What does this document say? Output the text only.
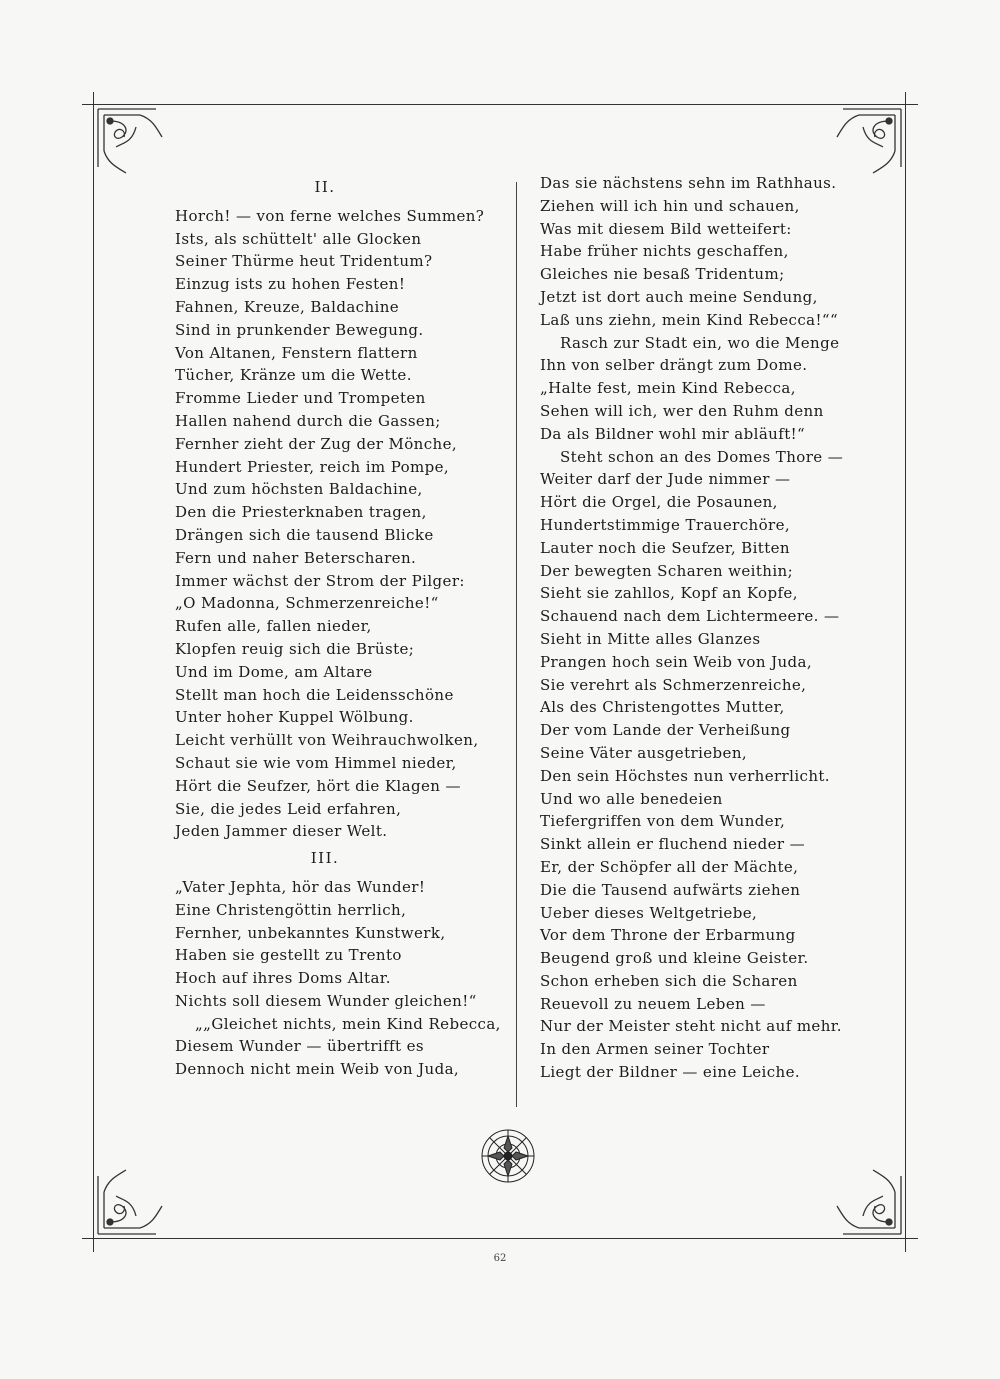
II.
Horch! — von ferne welches Summen?
Ists, als schüttelt' alle Glocken
Seiner Thürme heut Tridentum?
Einzug ists zu hohen Festen!
Fahnen, Kreuze, Baldachine
Sind in prunkender Bewegung.
Von Altanen, Fenstern flattern
Tücher, Kränze um die Wette.
Fromme Lieder und Trompeten
Hallen nahend durch die Gassen;
Fernher zieht der Zug der Mönche,
Hundert Priester, reich im Pompe,
Und zum höchsten Baldachine,
Den die Priesterknaben tragen,
Drängen sich die tausend Blicke
Fern und naher Beterscharen.
Immer wächst der Strom der Pilger:
„O Madonna, Schmerzenreiche!“
Rufen alle, fallen nieder,
Klopfen reuig sich die Brüste;
Und im Dome, am Altare
Stellt man hoch die Leidensschöne
Unter hoher Kuppel Wölbung.
Leicht verhüllt von Weihrauchwolken,
Schaut sie wie vom Himmel nieder,
Hört die Seufzer, hört die Klagen —
Sie, die jedes Leid erfahren,
Jeden Jammer dieser Welt.
III.
„Vater Jephta, hör das Wunder!
Eine Christengöttin herrlich,
Fernher, unbekanntes Kunstwerk,
Haben sie gestellt zu Trento
Hoch auf ihres Doms Altar.
Nichts soll diesem Wunder gleichen!“
„„Gleichet nichts, mein Kind Rebecca,
Diesem Wunder — übertrifft es
Dennoch nicht mein Weib von Juda,
Das sie nächstens sehn im Rathhaus.
Ziehen will ich hin und schauen,
Was mit diesem Bild wetteifert:
Habe früher nichts geschaffen,
Gleiches nie besaß Tridentum;
Jetzt ist dort auch meine Sendung,
Laß uns ziehn, mein Kind Rebecca!““
Rasch zur Stadt ein, wo die Menge
Ihn von selber drängt zum Dome.
„Halte fest, mein Kind Rebecca,
Sehen will ich, wer den Ruhm denn
Da als Bildner wohl mir abläuft!“
Steht schon an des Domes Thore —
Weiter darf der Jude nimmer —
Hört die Orgel, die Posaunen,
Hundertstimmige Trauerchöre,
Lauter noch die Seufzer, Bitten
Der bewegten Scharen weithin;
Sieht sie zahllos, Kopf an Kopfe,
Schauend nach dem Lichtermeere. —
Sieht in Mitte alles Glanzes
Prangen hoch sein Weib von Juda,
Sie verehrt als Schmerzenreiche,
Als des Christengottes Mutter,
Der vom Lande der Verheißung
Seine Väter ausgetrieben,
Den sein Höchstes nun verherrlicht.
Und wo alle benedeien
Tiefergriffen von dem Wunder,
Sinkt allein er fluchend nieder —
Er, der Schöpfer all der Mächte,
Die die Tausend aufwärts ziehen
Ueber dieses Weltgetriebe,
Vor dem Throne der Erbarmung
Beugend groß und kleine Geister.
Schon erheben sich die Scharen
Reuevoll zu neuem Leben —
Nur der Meister steht nicht auf mehr.
In den Armen seiner Tochter
Liegt der Bildner — eine Leiche.
62
